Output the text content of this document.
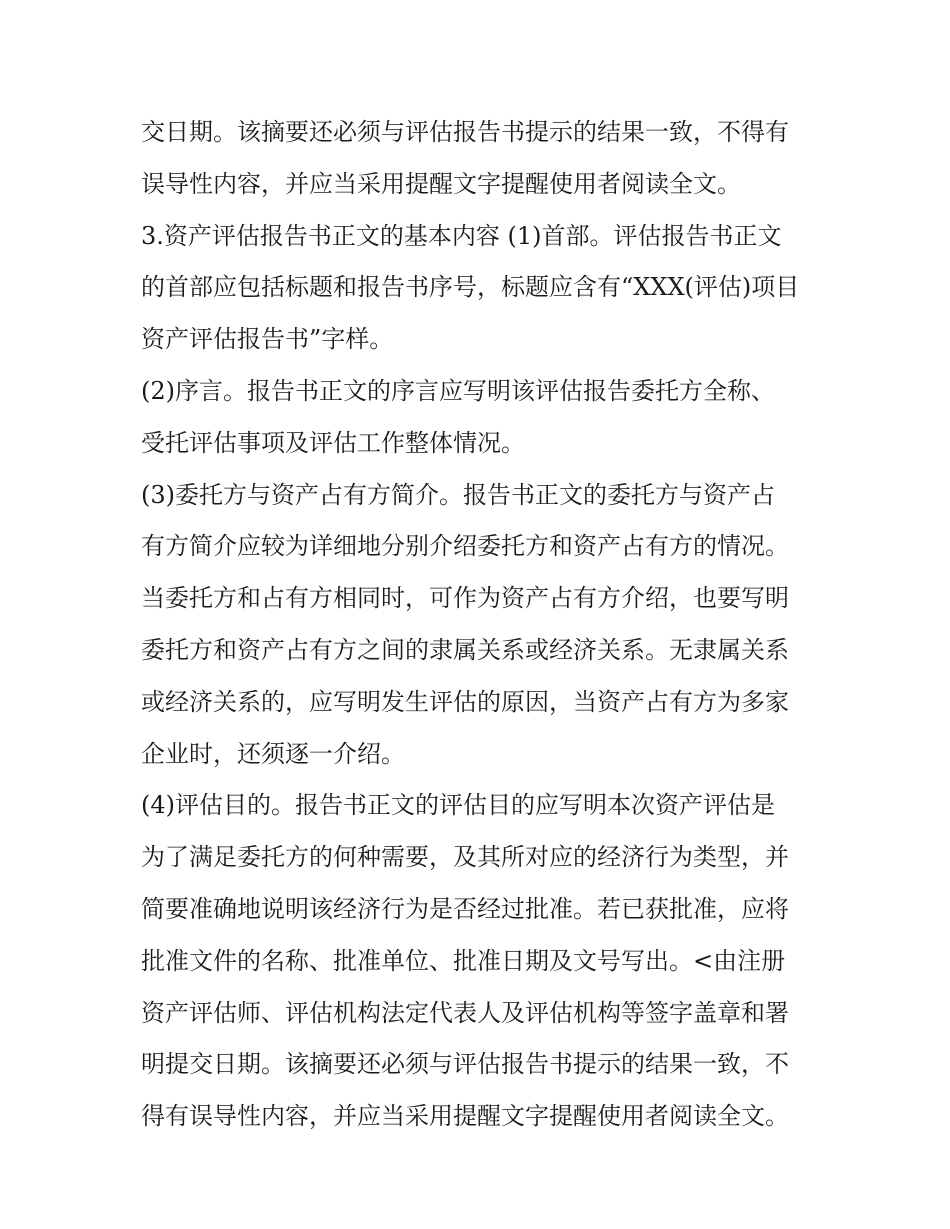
交日期。该摘要还必须与评估报告书提示的结果一致，不得有
误导性内容，并应当采用提醒文字提醒使用者阅读全文。
3.资产评估报告书正文的基本内容 (1)首部。评估报告书正文
的首部应包括标题和报告书序号，标题应含有“XXX(评估)项目
资产评估报告书”字样。
(2)序言。报告书正文的序言应写明该评估报告委托方全称、
受托评估事项及评估工作整体情况。
(3)委托方与资产占有方简介。报告书正文的委托方与资产占
有方简介应较为详细地分别介绍委托方和资产占有方的情况。
当委托方和占有方相同时，可作为资产占有方介绍，也要写明
委托方和资产占有方之间的隶属关系或经济关系。无隶属关系
或经济关系的，应写明发生评估的原因，当资产占有方为多家
企业时，还须逐一介绍。
(4)评估目的。报告书正文的评估目的应写明本次资产评估是
为了满足委托方的何种需要，及其所对应的经济行为类型，并
简要准确地说明该经济行为是否经过批准。若已获批准，应将
批准文件的名称、批准单位、批准日期及文号写出。<由注册
资产评估师、评估机构法定代表人及评估机构等签字盖章和署
明提交日期。该摘要还必须与评估报告书提示的结果一致，不
得有误导性内容，并应当采用提醒文字提醒使用者阅读全文。
